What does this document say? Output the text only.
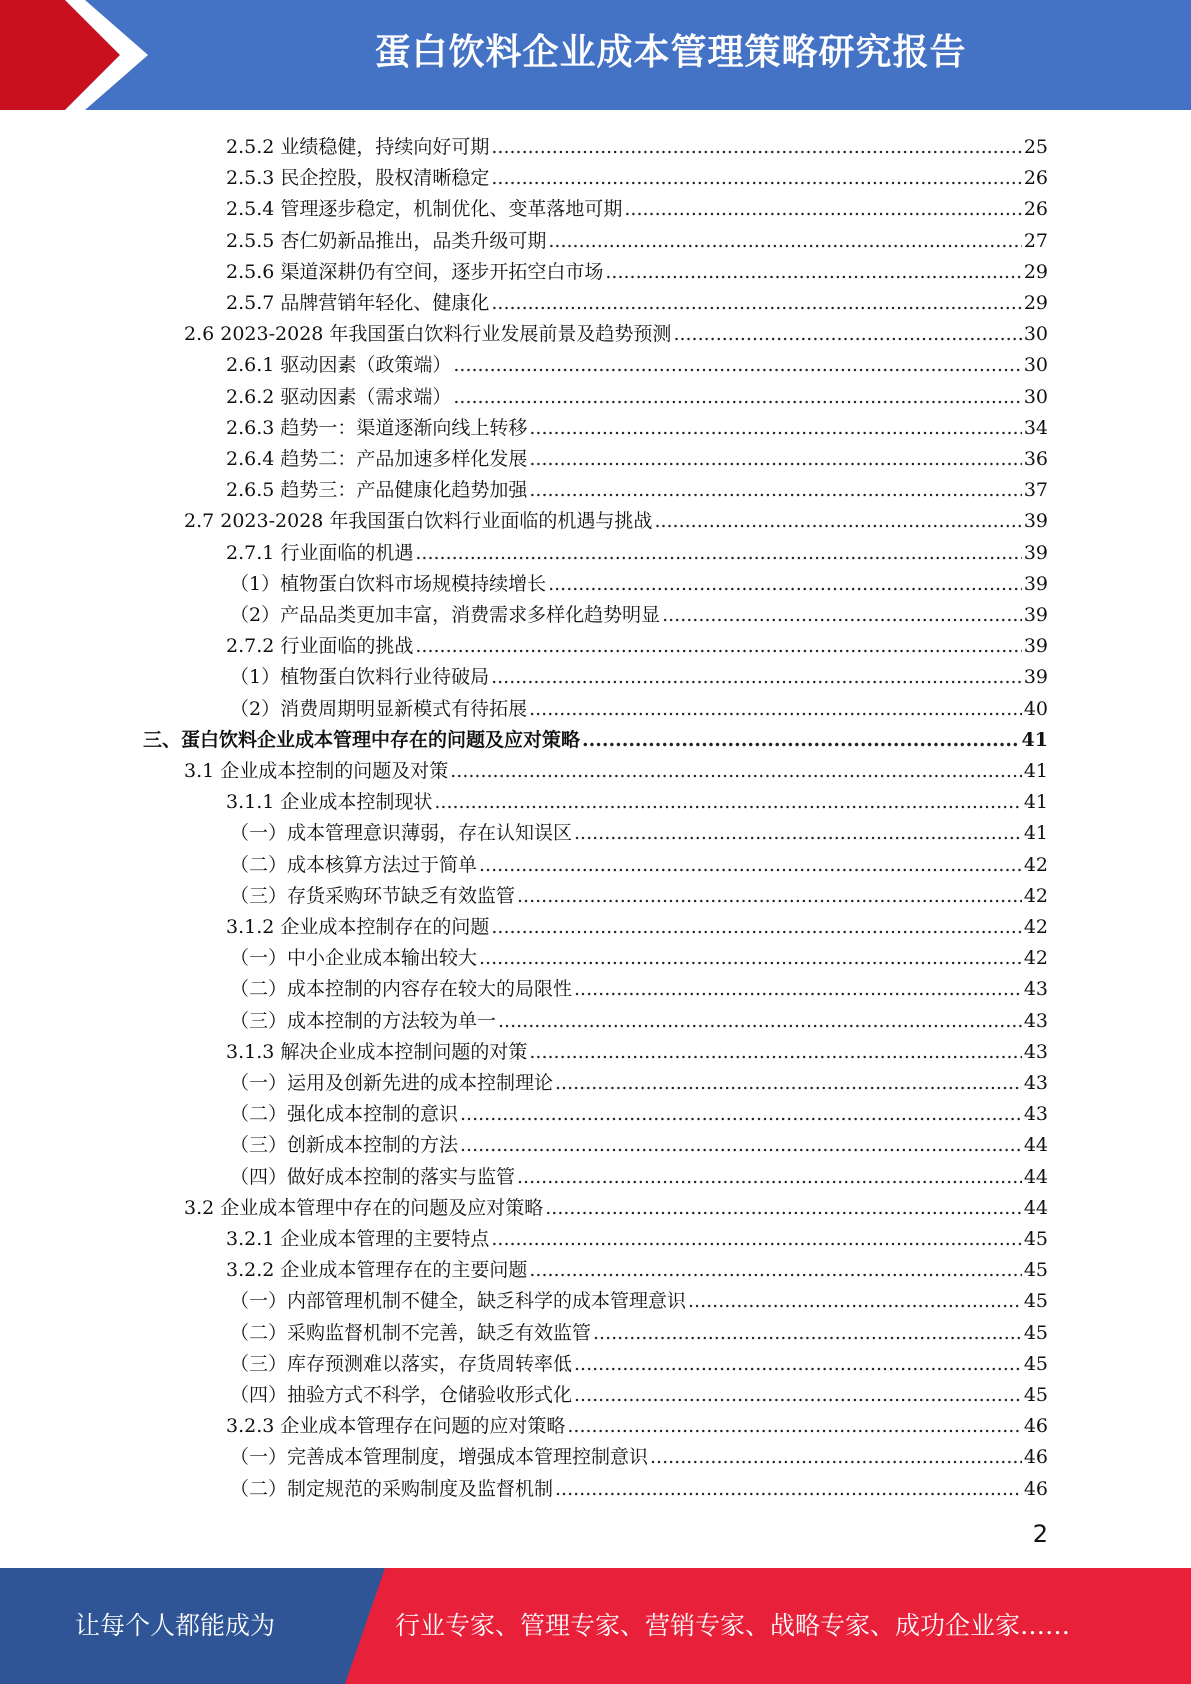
蛋白饮料企业成本管理策略研究报告
2.5.2 业绩稳健，持续向好可期 .....	25
2.5.3 民企控股，股权清晰稳定 .....	26
2.5.4 管理逐步稳定，机制优化、变革落地可期 .....	26
2.5.5 杏仁奶新品推出，品类升级可期 .....	27
2.5.6 渠道深耕仍有空间，逐步开拓空白市场 .....	29
2.5.7 品牌营销年轻化、健康化 .....	29
2.6 2023-2028 年我国蛋白饮料行业发展前景及趋势预测 .....	30
2.6.1 驱动因素（政策端） .....	30
2.6.2 驱动因素（需求端） .....	30
2.6.3 趋势一：渠道逐渐向线上转移 .....	34
2.6.4 趋势二：产品加速多样化发展 .....	36
2.6.5 趋势三：产品健康化趋势加强 .....	37
2.7 2023-2028 年我国蛋白饮料行业面临的机遇与挑战 .....	39
2.7.1 行业面临的机遇 .....	39
（1）植物蛋白饮料市场规模持续增长 .....	39
（2）产品品类更加丰富，消费需求多样化趋势明显 .....	39
2.7.2 行业面临的挑战 .....	39
（1）植物蛋白饮料行业待破局 .....	39
（2）消费周期明显新模式有待拓展 .....	40
三、蛋白饮料企业成本管理中存在的问题及应对策略 .....	41
3.1 企业成本控制的问题及对策 .....	41
3.1.1 企业成本控制现状 .....	41
（一）成本管理意识薄弱，存在认知误区 .....	41
（二）成本核算方法过于简单 .....	42
（三）存货采购环节缺乏有效监管 .....	42
3.1.2 企业成本控制存在的问题 .....	42
（一）中小企业成本输出较大 .....	42
（二）成本控制的内容存在较大的局限性 .....	43
（三）成本控制的方法较为单一 .....	43
3.1.3 解决企业成本控制问题的对策 .....	43
（一）运用及创新先进的成本控制理论 .....	43
（二）强化成本控制的意识 .....	43
（三）创新成本控制的方法 .....	44
（四）做好成本控制的落实与监管 .....	44
3.2 企业成本管理中存在的问题及应对策略 .....	44
3.2.1 企业成本管理的主要特点 .....	45
3.2.2 企业成本管理存在的主要问题 .....	45
（一）内部管理机制不健全，缺乏科学的成本管理意识 .....	45
（二）采购监督机制不完善，缺乏有效监管 .....	45
（三）库存预测难以落实，存货周转率低 .....	45
（四）抽验方式不科学，仓储验收形式化 .....	45
3.2.3 企业成本管理存在问题的应对策略 .....	46
（一）完善成本管理制度，增强成本管理控制意识 .....	46
（二）制定规范的采购制度及监督机制 .....	46
2
让每个人都能成为	行业专家、管理专家、营销专家、战略专家、成功企业家……
